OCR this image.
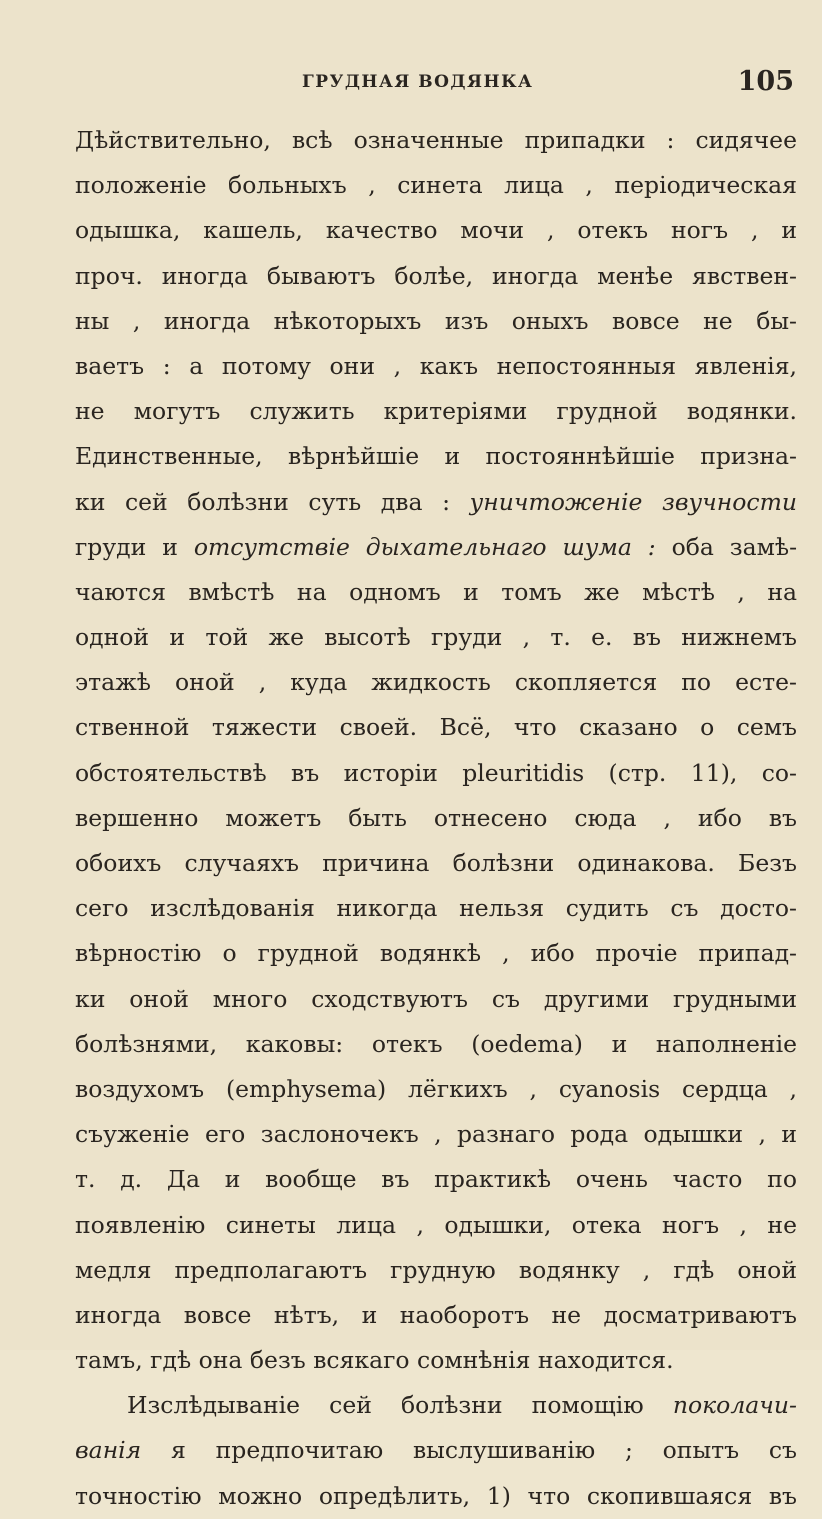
ГРУДНАЯ ВОДЯНКА	105
Дѣйствительно, всѣ означенные припадки : сидячее
положеніе больныхъ , синета лица , періодическая
одышка, кашель, качество мочи , отекъ ногъ , и
проч. иногда бываютъ болѣе, иногда менѣе явствен-
ны , иногда нѣкоторыхъ изъ оныхъ вовсе не бы-
ваетъ : а потому они , какъ непостоянныя явленія,
не могутъ служить критеріями грудной водянки.
Единственные, вѣрнѣйшіе и постояннѣйшіе призна-
ки сей болѣзни суть два : уничтоженіе звучности
груди и отсутствіе дыхательнаго шума : оба замѣ-
чаются вмѣстѣ на одномъ и томъ же мѣстѣ , на
одной и той же высотѣ груди , т. е. въ нижнемъ
этажѣ оной , куда жидкость скопляется по есте-
ственной тяжести своей. Всё, что сказано о семъ
обстоятельствѣ въ исторіи pleuritidis (стр. 11), со-
вершенно можетъ быть отнесено сюда , ибо въ
обоихъ случаяхъ причина болѣзни одинакова. Безъ
сего изслѣдованія никогда нельзя судить съ досто-
вѣрностію о грудной водянкѣ , ибо прочіе припад-
ки оной много сходствуютъ съ другими грудными
болѣзнями, каковы: отекъ (oedema) и наполненіе
воздухомъ (emphysema) лёгкихъ , cyanosis сердца ,
съуженіе его заслоночекъ , разнаго рода одышки , и
т. д. Да и вообще въ практикѣ очень часто по
появленію синеты лица , одышки, отека ногъ , не
медля предполагаютъ грудную водянку , гдѣ оной
иногда вовсе нѣтъ, и наоборотъ не досматриваютъ
тамъ, гдѣ она безъ всякаго сомнѣнія находится.
Изслѣдываніе сей болѣзни помощію поколачи-
ванія я предпочитаю выслушиванію ; опытъ съ
точностію можно опредѣлить, 1) что скопившаяся въ
